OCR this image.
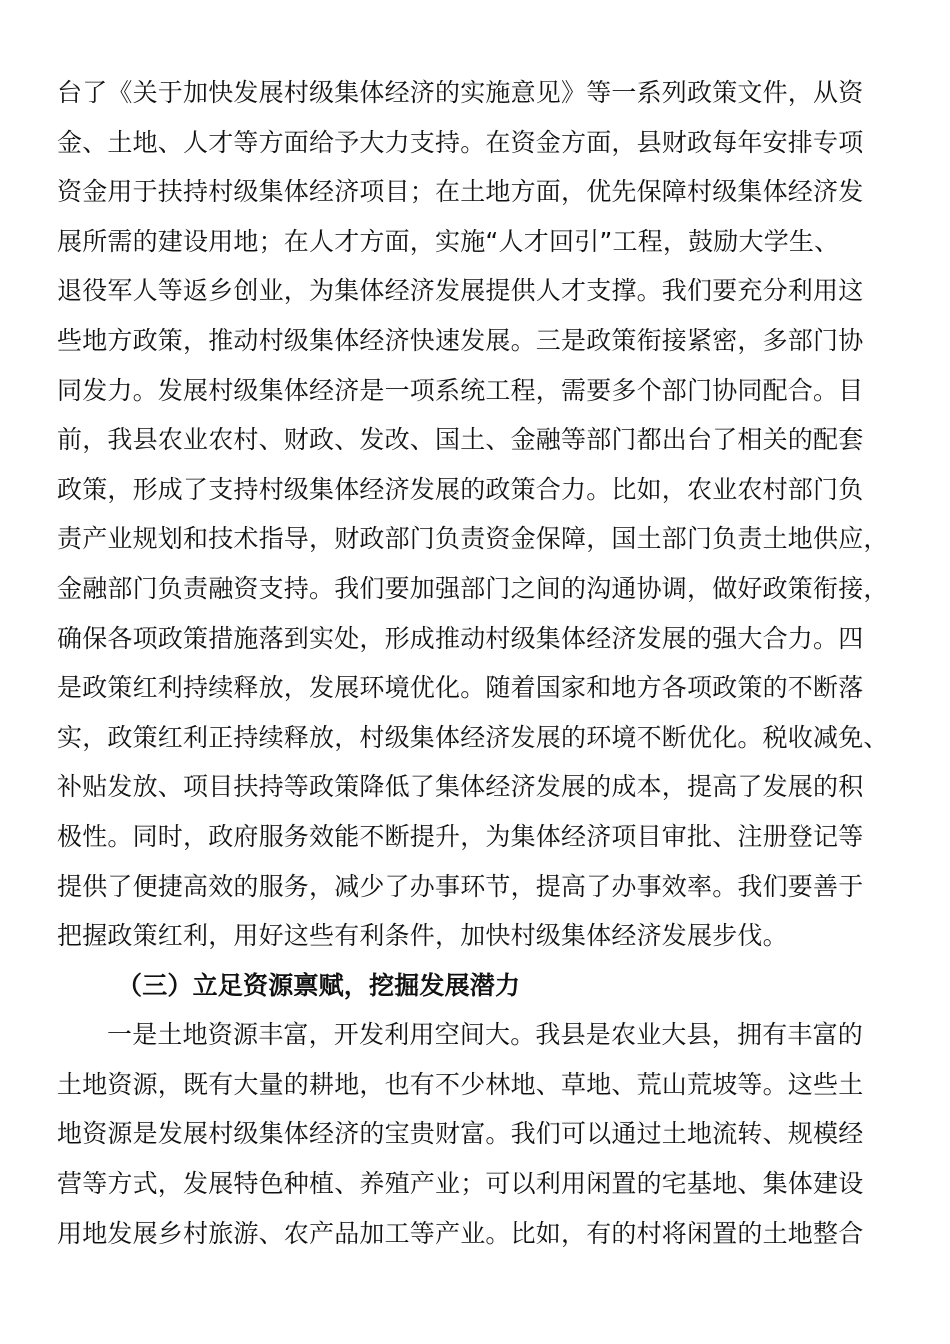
台了《关于加快发展村级集体经济的实施意见》等一系列政策文件，从资
金、土地、人才等方面给予大力支持。在资金方面，县财政每年安排专项
资金用于扶持村级集体经济项目；在土地方面，优先保障村级集体经济发
展所需的建设用地；在人才方面，实施“人才回引”工程，鼓励大学生、
退役军人等返乡创业，为集体经济发展提供人才支撑。我们要充分利用这
些地方政策，推动村级集体经济快速发展。三是政策衔接紧密，多部门协
同发力。发展村级集体经济是一项系统工程，需要多个部门协同配合。目
前，我县农业农村、财政、发改、国土、金融等部门都出台了相关的配套
政策，形成了支持村级集体经济发展的政策合力。比如，农业农村部门负
责产业规划和技术指导，财政部门负责资金保障，国土部门负责土地供应，
金融部门负责融资支持。我们要加强部门之间的沟通协调，做好政策衔接，
确保各项政策措施落到实处，形成推动村级集体经济发展的强大合力。四
是政策红利持续释放，发展环境优化。随着国家和地方各项政策的不断落
实，政策红利正持续释放，村级集体经济发展的环境不断优化。税收减免、
补贴发放、项目扶持等政策降低了集体经济发展的成本，提高了发展的积
极性。同时，政府服务效能不断提升，为集体经济项目审批、注册登记等
提供了便捷高效的服务，减少了办事环节，提高了办事效率。我们要善于
把握政策红利，用好这些有利条件，加快村级集体经济发展步伐。
（三）立足资源禀赋，挖掘发展潜力
一是土地资源丰富，开发利用空间大。我县是农业大县，拥有丰富的
土地资源，既有大量的耕地，也有不少林地、草地、荒山荒坡等。这些土
地资源是发展村级集体经济的宝贵财富。我们可以通过土地流转、规模经
营等方式，发展特色种植、养殖产业；可以利用闲置的宅基地、集体建设
用地发展乡村旅游、农产品加工等产业。比如，有的村将闲置的土地整合
